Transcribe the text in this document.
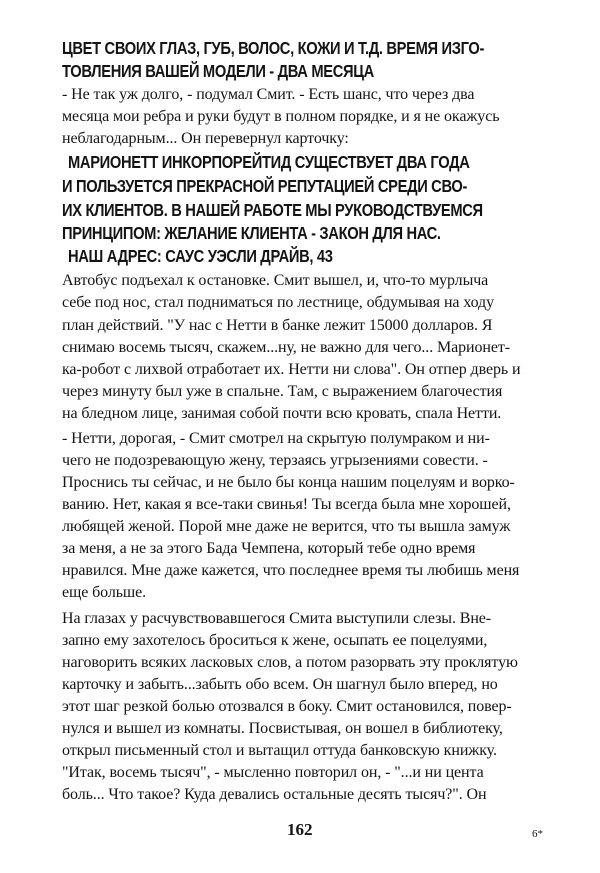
ЦВЕТ СВОИХ ГЛАЗ, ГУБ, ВОЛОС, КОЖИ И Т.Д. ВРЕМЯ ИЗГО-
ТОВЛЕНИЯ ВАШЕЙ МОДЕЛИ - ДВА МЕСЯЦА
- Не так уж долго, - подумал Смит. - Есть шанс, что через два
месяца мои ребра и руки будут в полном порядке, и я не окажусь
неблагодарным... Он перевернул карточку:
МАРИОНЕТТ ИНКОРПОРЕЙТИД СУЩЕСТВУЕТ ДВА ГОДА
И ПОЛЬЗУЕТСЯ ПРЕКРАСНОЙ РЕПУТАЦИЕЙ СРЕДИ СВО-
ИХ КЛИЕНТОВ. В НАШЕЙ РАБОТЕ МЫ РУКОВОДСТВУЕМСЯ
ПРИНЦИПОМ: ЖЕЛАНИЕ КЛИЕНТА - ЗАКОН ДЛЯ НАС.
НАШ АДРЕС: САУС УЭСЛИ ДРАЙВ, 43
Автобус подъехал к остановке. Смит вышел, и, что-то мурлыча
себе под нос, стал подниматься по лестнице, обдумывая на ходу
план действий. "У нас с Нетти в банке лежит 15000 долларов. Я
снимаю восемь тысяч, скажем...ну, не важно для чего... Марионет-
ка-робот с лихвой отработает их. Нетти ни слова". Он отпер дверь и
через минуту был уже в спальне. Там, с выражением благочестия
на бледном лице, занимая собой почти всю кровать, спала Нетти.
- Нетти, дорогая, - Смит смотрел на скрытую полумраком и ни-
чего не подозревающую жену, терзаясь угрызениями совести. -
Проснись ты сейчас, и не было бы конца нашим поцелуям и ворко-
ванию. Нет, какая я все-таки свинья! Ты всегда была мне хорошей,
любящей женой. Порой мне даже не верится, что ты вышла замуж
за меня, а не за этого Бада Чемпена, который тебе одно время
нравился. Мне даже кажется, что последнее время ты любишь меня
еще больше.
На глазах у расчувствовавшегося Смита выступили слезы. Вне-
запно ему захотелось броситься к жене, осыпать ее поцелуями,
наговорить всяких ласковых слов, а потом разорвать эту проклятую
карточку и забыть...забыть обо всем. Он шагнул было вперед, но
этот шаг резкой болью отозвался в боку. Смит остановился, повер-
нулся и вышел из комнаты. Посвистывая, он вошел в библиотеку,
открыл письменный стол и вытащил оттуда банковскую книжку.
"Итак, восемь тысяч", - мысленно повторил он, - "...и ни цента
боль... Что такое? Куда девались остальные десять тысяч?". Он
162	6*
